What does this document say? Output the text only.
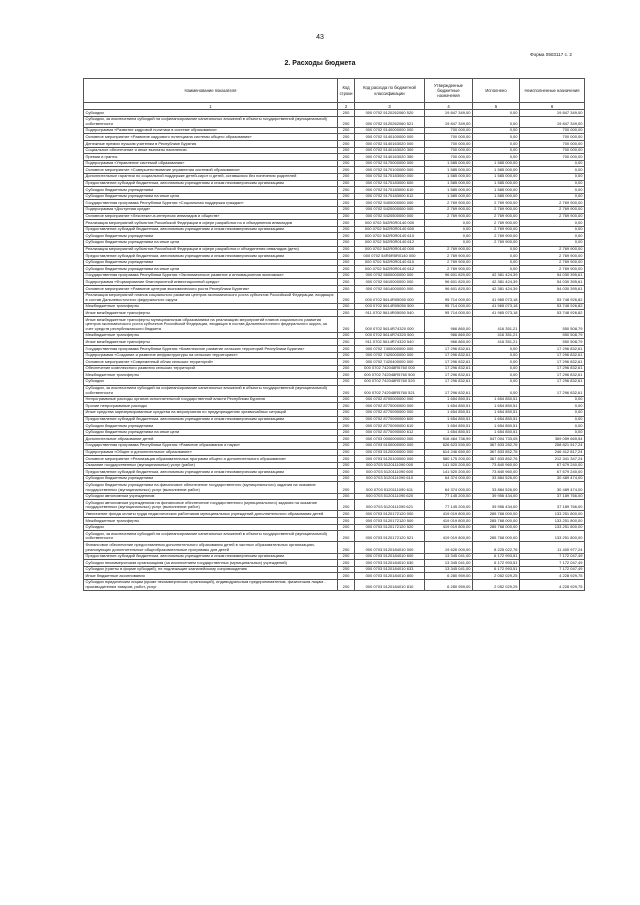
43
Форма 0503117 с. 2
2. Расходы бюджета
Наименование показателя	Код строки	Код расхода по бюджетной классификации	Утвержденные бюджетные назначения	Исполнено	Неисполненные назначения
1	2	3	4	5	6
Субсидии	200	000 0702 5120262060 520	19 847 349,00	0,00	19 847 349,00
Субсидии, за исключением субсидий на софинансирование капитальных вложений в объекты государственной (муниципальной) собственности	200	000 0702 5120262060 521	19 847 349,00	0,00	19 847 349,00
Подпрограмма «Развитие кадровой политики в системе образования»	200	000 0702 5140000000 000	700 000,00	0,00	700 000,00
Основное мероприятие «Развитие кадрового потенциала системы общего образования»	200	000 0702 5140100000 000	700 000,00	0,00	700 000,00
Денежные премии лучшим учителям в Республике Бурятия	200	000 0702 5140163020 000	700 000,00	0,00	700 000,00
Социальное обеспечение и иные выплаты населению	200	000 0702 5140163020 300	700 000,00	0,00	700 000,00
Премии и гранты	200	000 0702 5140163020 350	700 000,00	0,00	700 000,00
Подпрограмма «Управление системой образования»	200	000 0702 5170000000 000	1 585 000,00	1 585 000,00	0,00
Основное мероприятие «Совершенствование управления системой образования»	200	000 0702 5170100000 000	1 585 000,00	1 585 000,00	0,00
Дополнительные гарантии по социальной поддержке детей-сирот и детей, оставшихся без попечения родителей	200	000 0702 5170183000 000	1 585 000,00	1 585 000,00	0,00
Предоставление субсидий бюджетным, автономным учреждениям и иным некоммерческим организациям	200	000 0702 5170183000 600	1 585 000,00	1 585 000,00	0,00
Субсидии бюджетным учреждениям	200	000 0702 5170183000 610	1 585 000,00	1 585 000,00	0,00
Субсидии бюджетным учреждениям на иные цели	200	000 0702 5170183000 612	1 585 000,00	1 585 000,00	0,00
Государственная программа Республики Бурятия «Социальная поддержка граждан»	200	000 0702 5400000000 000	2 769 900,00	2 769 900,00	2 769 900,00
Подпрограмма «Доступная среда»	200	000 0702 5420000000 000	2 769 900,00	2 769 900,00	2 769 900,00
Основное мероприятие «Лекотека»-в-интересах инвалидов и обществ»	200	000 0702 5420500000 000	2 769 900,00	2 769 900,00	2 769 900,00
Реализация мероприятий субъектов Российской Федерации в сфере разработки по и объединения инвалидов	200	000 0702 542R0R0140 000	0,00	2 769 900,00	0,00
Предоставление субсидий бюджетным, автономным учреждениям и иным некоммерческим организациям	200	000 0702 542R0R0140 600	0,00	2 769 900,00	0,00
Субсидии бюджетным учреждениям	200	000 0702 542R0R0140 610	0,00	2 769 900,00	0,00
Субсидии бюджетным учреждениям на иные цели	200	000 0702 542R0R0140 612	0,00	2 769 900,00	0,00
Реализация мероприятий субъектов Российской Федерации в сфере разработки и объединения инвалидов (дети)	200	000 0702 542R0R0140 000	2 769 900,00	0,00	2 769 900,00
Предоставление субсидий бюджетным, автономным учреждениям и иным некоммерческим организациям	200	000 0702 54R5R5R0140 000	2 769 900,00	0,00	2 769 900,00
Субсидии бюджетным учреждениям	200	000 0702 542R0R0140 610	2 769 900,00	0,00	2 769 900,00
Субсидии бюджетным учреждениям на иные цели	200	000 0702 542R0R0140 612	2 769 900,00	0,00	2 769 900,00
Государственная программа Республики Бурятия «Экономическое развитие и инновационная экономика»	200	000 0702 5600000000 000	96 601 820,00	42 381 424,39	54 030 395,61
Подпрограмма «Формирование благоприятной инвестиционной среды»	200	000 0702 5610000000 000	96 601 820,00	42 381 424,39	54 030 395,61
Основное мероприятие «Развитие центров экономического роста Республики Бурятия»	200	000 0702 5614000000 000	96 601 820,00	42 381 424,39	54 030 395,61
Реализация мероприятий планов социального развития центров экономического роста субъектов Российской Федерации, входящих в состав Дальневосточного федерального округа	200	000 0702 5614R05050 000	95 714 000,00	41 965 073,18	53 748 926,82
Межбюджетные трансферты	200	000 0702 5614R05050 500	95 714 000,00	41 965 073,18	53 748 926,82
Иные межбюджетные трансферты	200	911 0702 5614R05050 540	95 714 000,00	41 965 073,18	53 748 926,82
Иные межбюджетные трансферты муниципальным образованиям на реализацию мероприятий планов социального развития центров экономического роста субъектов Российской Федерации, входящих в состав Дальневосточного федерального округа, за счет средств республиканского бюджета	200	000 0702 5614R74320 000	966 860,00	416 351,21	550 508,79
Межбюджетные трансферты	200	000 0702 5614R74320 500	966 860,00	416 351,21	550 508,79
Иные межбюджетные трансферты	200	911 0702 5614R74320 540	966 860,00	416 351,21	550 508,79
Государственная программа Республики Бурятия «Комплексное развитие сельских территорий Республики Бурятия»	200	000 0702 7400000000 000	17 296 832,61	0,00	17 296 832,61
Подпрограмма «Создание и развитие инфраструктуры на сельских территориях»	200	000 0702 7420000000 000	17 296 832,61	0,00	17 296 832,61
Основное мероприятие «Современный облик сельских территорий»	200	000 0702 7420400000 000	17 296 832,61	0,00	17 296 832,61
Обеспечение комплексного развития сельских территорий	200	000 0702 742048R5760 000	17 296 832,61	0,00	17 296 832,61
Межбюджетные трансферты	200	000 0702 742048R5760 500	17 296 832,61	0,00	17 296 832,61
Субсидии	200	000 0702 742048R5760 520	17 296 832,61	0,00	17 296 832,61
Субсидии, за исключением субсидий на софинансирование капитальных вложений в объекты государственной (муниципальной) собственности	200	000 0702 742048R5760 521	17 296 832,61	0,00	17 296 832,61
Непрограммные расходы органов исполнительной государственной власти Республики Бурятия	200	000 0702 8700000000 000	1 654 850,51	1 654 850,51	0,00
Прочие непрограммные расходы	200	000 0702 8770000000 000	1 654 850,51	1 654 850,51	0,00
Иные средства зарезервированные средства на мероприятия по предупреждению чрезвычайных ситуаций	200	000 0702 8770090000 000	1 654 850,51	1 654 850,51	0,00
Предоставление субсидий бюджетным, автономным учреждениям и иным некоммерческим организациям	200	000 0702 8770090000 600	1 654 850,51	1 654 850,51	0,00
Субсидии бюджетным учреждениям	200	000 0702 8770090000 610	1 654 850,51	1 654 850,51	0,00
Субсидии бюджетным учреждениям на иные цели	200	000 0702 8770090000 612	1 654 850,51	1 654 850,51	0,00
Дополнительное образование детей	200	000 0703 0000000000 000	916 464 736,99	547 004 733,05	369 059 665,54
Государственная программа Республики Бурятия «Развитие образования и науки»	200	000 0703 5100000000 000	626 623 530,00	367 833 282,76	258 821 517,24
Подпрограмма «Общее и дополнительное образование»	200	000 0703 5120000000 000	614 246 650,00	367 833 852,76	246 412 817,24
Основное мероприятие «Реализация образовательных программ общего и дополнительного образования»	200	000 0703 5120100000 000	580 175 200,00	367 833 852,76	212 341 347,24
Оказание государственных (муниципальных) услуг (работ)	200	000 0703 5120111090 000	141 520 200,00	73 840 960,00	67 679 240,00
Предоставление субсидий бюджетным, автономным учреждениям и иным некоммерческим организациям	200	000 0703 5120111090 600	141 520 200,00	73 840 960,00	67 679 240,00
Субсидии бюджетным учреждениям	200	000 0703 5120111090 610	64 374 000,00	33 884 526,00	30 489 474,00
Субсидии бюджетным учреждениям на финансовое обеспечение государственного (муниципального) задания на оказание государственных (муниципальных) услуг (выполнение работ)	200	000 0703 5120111090 611	64 374 000,00	33 884 526,00	30 489 474,00
Субсидии автономным учреждениям	200	000 0703 5120111090 620	77 145 200,00	39 956 434,00	37 189 766,00
Субсидии автономным учреждениям на финансовое обеспечение государственного (муниципального) задания на оказание государственных (муниципальных) услуг (выполнение работ)	200	000 0703 5120111090 621	77 145 200,00	39 956 434,00	37 189 766,00
Увеличение фонда оплаты труда педагогических работников муниципальных учреждений дополнительного образования детей	200	000 0703 5120172120 000	419 019 800,00	285 768 000,00	133 251 800,00
Межбюджетные трансферты	200	000 0703 5120172120 500	419 019 800,00	285 768 000,00	133 251 800,00
Субсидии	200	000 0703 5120172120 520	419 019 800,00	285 768 000,00	133 251 800,00
Субсидии, за исключением субсидий на софинансирование капитальных вложений в объекты государственной (муниципальной) собственности	200	000 0703 5120172120 521	419 019 800,00	285 768 000,00	133 251 800,00
Финансовое обеспечение предоставления дополнительного образования детей в частных образовательных организациях, реализующих дополнительные общеобразовательные программы для детей	200	000 0703 5120184010 000	19 626 000,00	8 225 022,76	11 400 977,24
Предоставление субсидий бюджетным, автономным учреждениям и иным некоммерческим организациям	200	000 0703 5120184010 600	13 345 041,00	6 172 993,51	7 172 047,49
Субсидии некоммерческим организациям (за исключением государственных (муниципальных) учреждений)	200	000 0703 5120184010 630	13 345 041,00	6 172 993,51	7 172 047,49
Субсидии (гранты в форме субсидий), не подлежащие казначейскому сопровождению	200	000 0703 5120184010 633	13 345 041,00	6 172 993,51	7 172 047,49
Иные бюджетные ассигнования	200	000 0703 5120184010 800	6 280 959,00	2 052 029,25	4 228 929,75
Субсидии юридическим лицам (кроме некоммерческих организаций), индивидуальным предпринимателям, физическим лицам - производителям товаров, работ, услуг	200	000 0703 5120184010 810	6 280 959,00	2 052 029,25	4 228 929,75
